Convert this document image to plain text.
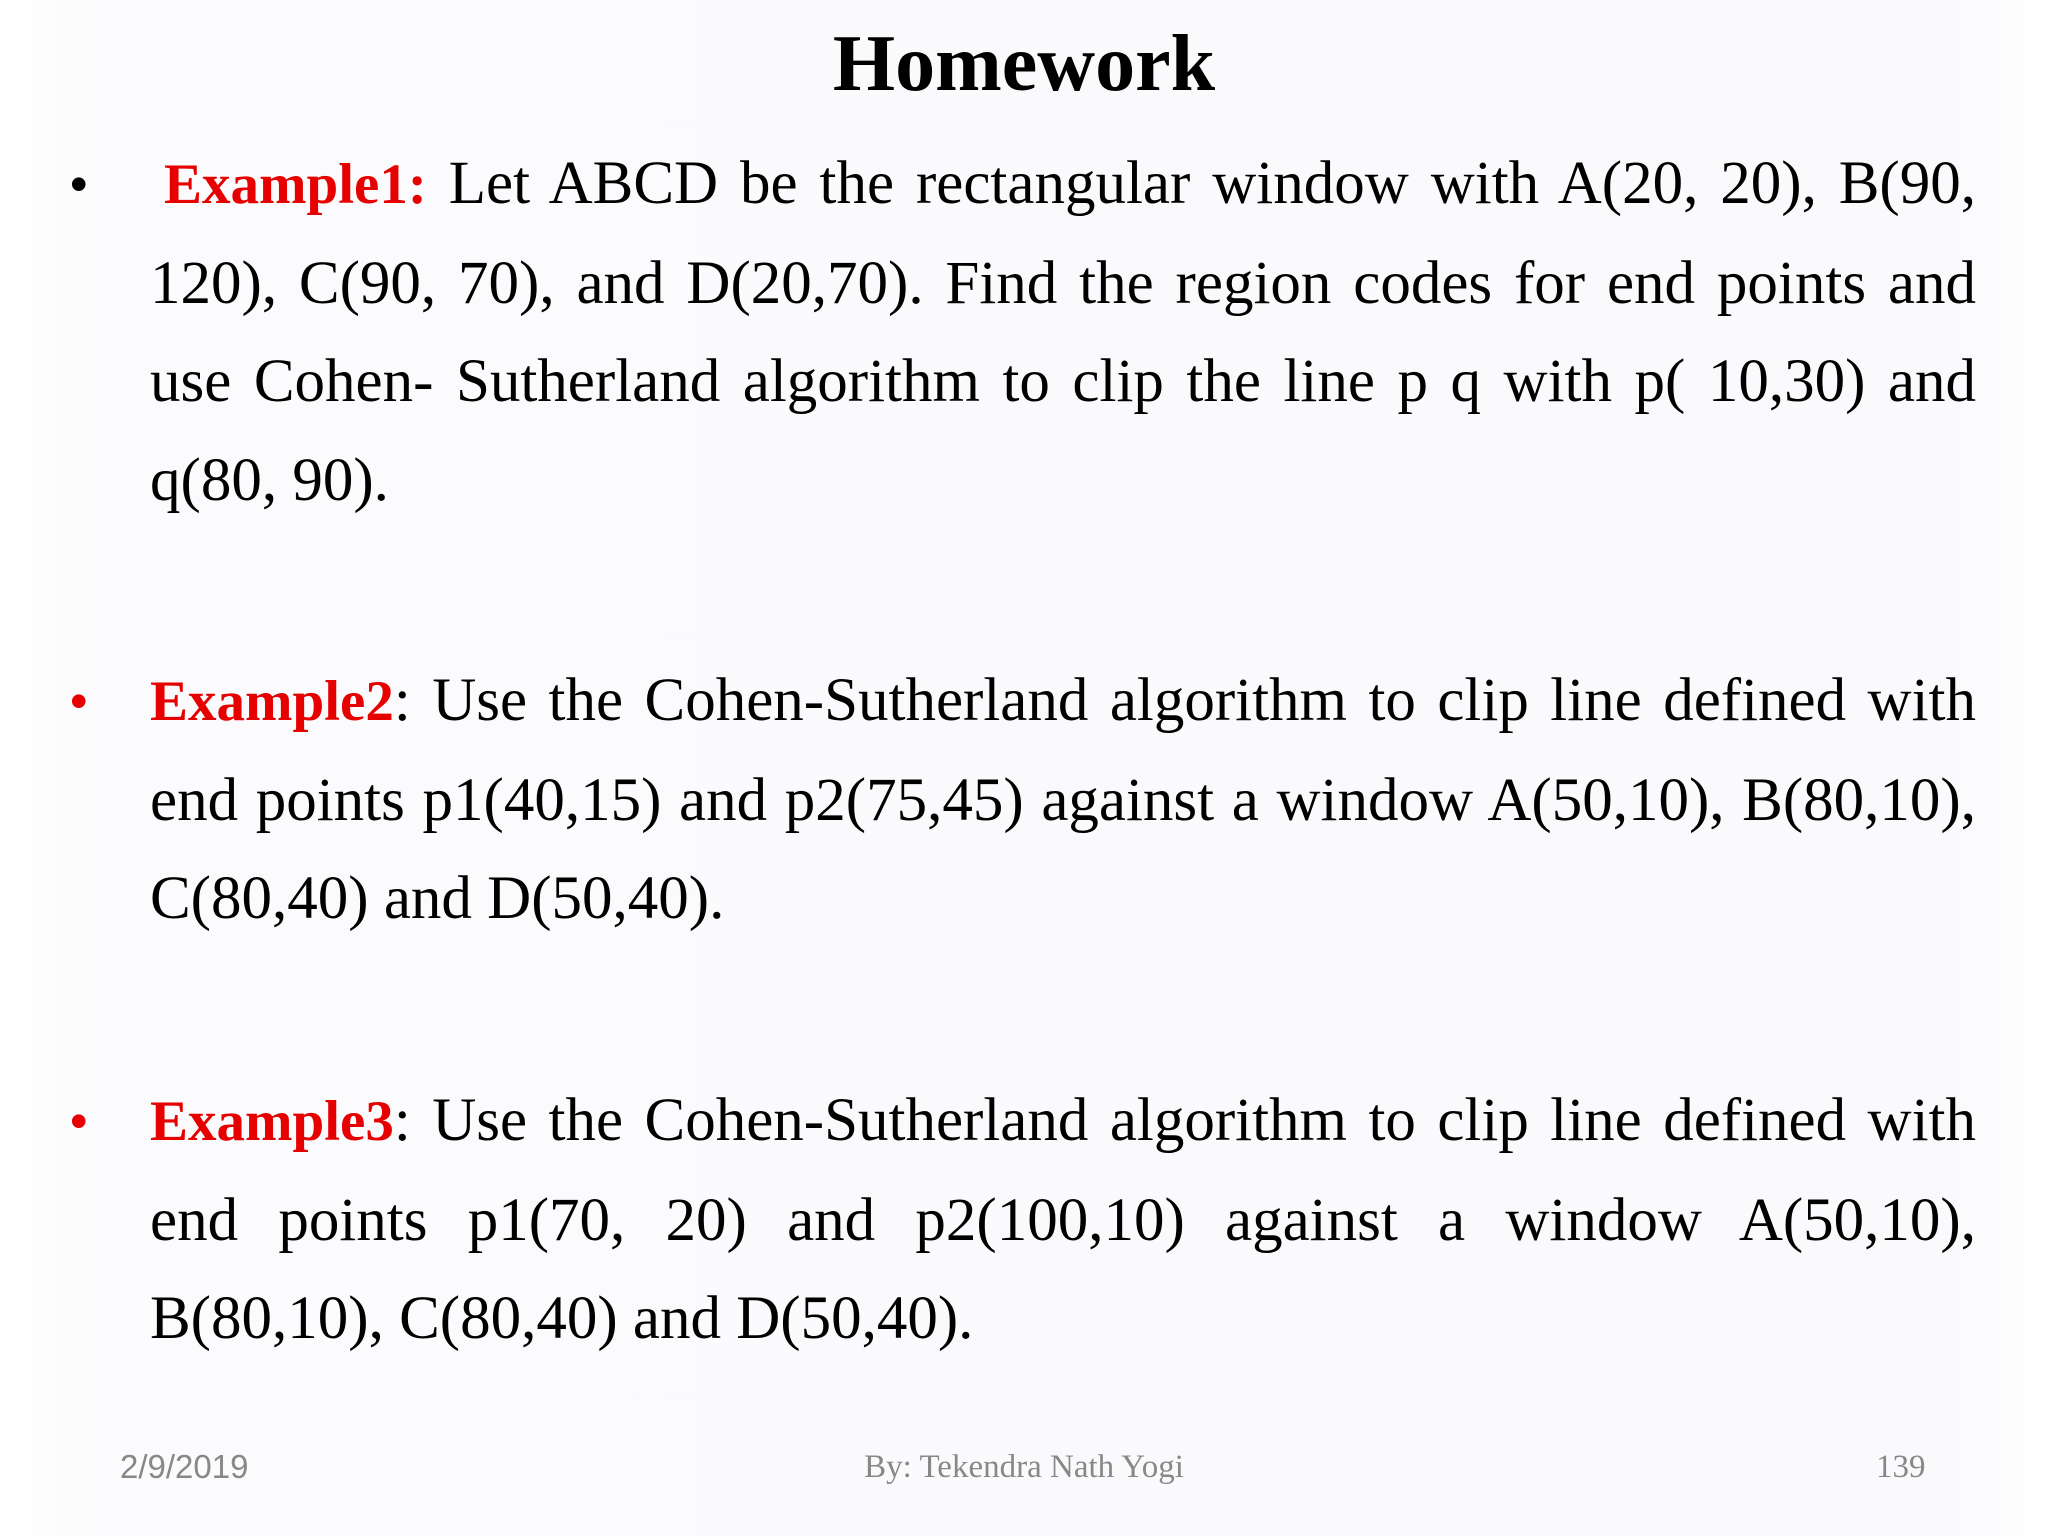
Homework
• Example1: Let ABCD be the rectangular window with A(20, 20), B(90, 120), C(90, 70), and D(20,70). Find the region codes for end points and use Cohen- Sutherland algorithm to clip the line p q with p( 10,30) and q(80, 90).
• Example2: Use the Cohen-Sutherland algorithm to clip line defined with end points p1(40,15) and p2(75,45) against a window A(50,10), B(80,10), C(80,40) and D(50,40).
• Example3: Use the Cohen-Sutherland algorithm to clip line defined with end points p1(70, 20) and p2(100,10) against a window A(50,10), B(80,10), C(80,40) and D(50,40).
2/9/2019	By: Tekendra Nath Yogi	139
